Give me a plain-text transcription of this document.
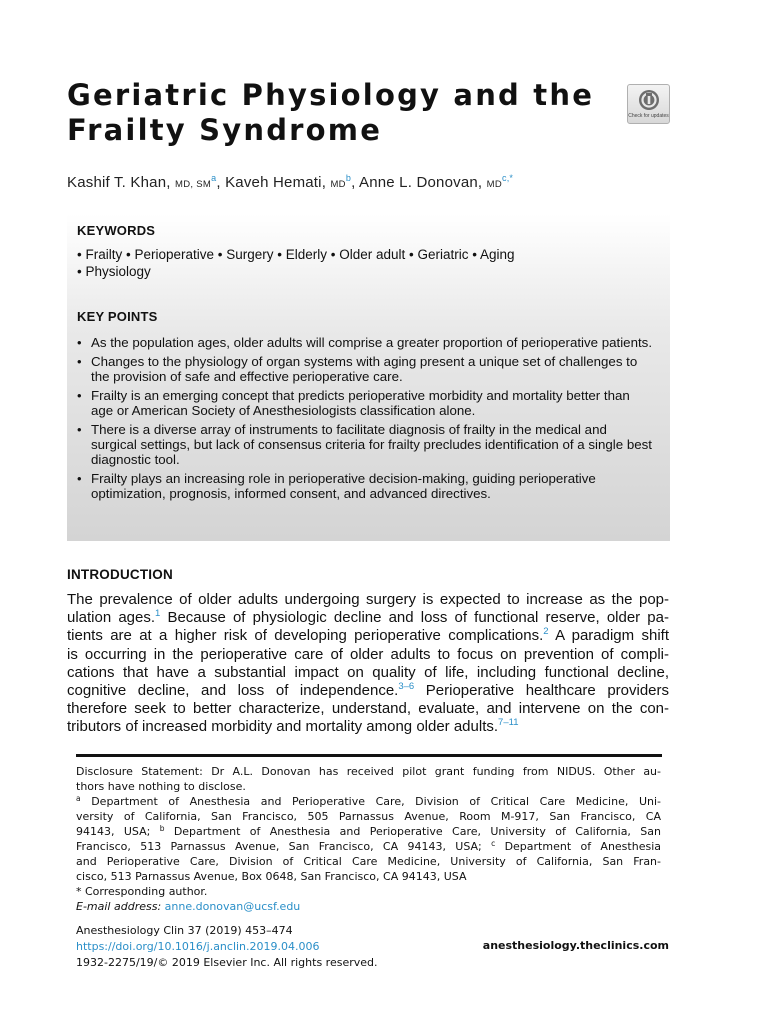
Geriatric Physiology and the
Frailty Syndrome	Check for updates

Kashif T. Khan, MD, $SM^a$, Kaveh Hemati, $MD^b$, Anne L. Donovan, $MD^{c,*}$

KEYWORDS

• Frailty • Perioperative • Surgery • Elderly • Older adult • Geriatric • Aging

• Physiology

KEY POINTS
• As the population ages, older adults will comprise a greater proportion of perioperative patients.
• Changes to the physiology of organ systems with aging present a unique set of challenges to the provision of safe and effective perioperative care.
• Frailty is an emerging concept that predicts perioperative morbidity and mortality better than age or American Society of Anesthesiologists classification alone.
• There is a diverse array of instruments to facilitate diagnosis of frailty in the medical and surgical settings, but lack of consensus criteria for frailty precludes identification of a single best diagnostic tool.
• Frailty plays an increasing role in perioperative decision-making, guiding perioperative optimization, prognosis, informed consent, and advanced directives.
INTRODUCTION

The prevalence of older adults undergoing surgery is expected to increase as the pop-
ulation ages.$^1$ Because of physiologic decline and loss of functional reserve, older pa-
tients are at a higher risk of developing perioperative complications.$^2$ A paradigm shift
is occurring in the perioperative care of older adults to focus on prevention of compli-
cations that have a substantial impact on quality of life, including functional decline,
cognitive decline, and loss of independence.$^{3-6}$ Perioperative healthcare providers
therefore seek to better characterize, understand, evaluate, and intervene on the con-
tributors of increased morbidity and mortality among older adults.$^{7-11}$

Disclosure Statement: Dr A.L. Donovan has received pilot grant funding from NIDUS. Other au-
thors have nothing to disclose.
$^a$ Department of Anesthesia and Perioperative Care, Division of Critical Care Medicine, Uni-
versity of California, San Francisco, 505 Parnassus Avenue, Room M-917, San Francisco, CA
94143, USA; $^b$ Department of Anesthesia and Perioperative Care, University of California, San
Francisco, 513 Parnassus Avenue, San Francisco, CA 94143, USA; $^c$ Department of Anesthesia
and Perioperative Care, Division of Critical Care Medicine, University of California, San Fran-
cisco, 513 Parnassus Avenue, Box 0648, San Francisco, CA 94143, USA
* Corresponding author.
E-mail address: anne.donovan@ucsf.edu
Anesthesiology Clin 37 (2019) 453–474
https://doi.org/10.1016/j.anclin.2019.04.006
1932-2275/19/© 2019 Elsevier Inc. All rights reserved.

anesthesiology.theclinics.com
